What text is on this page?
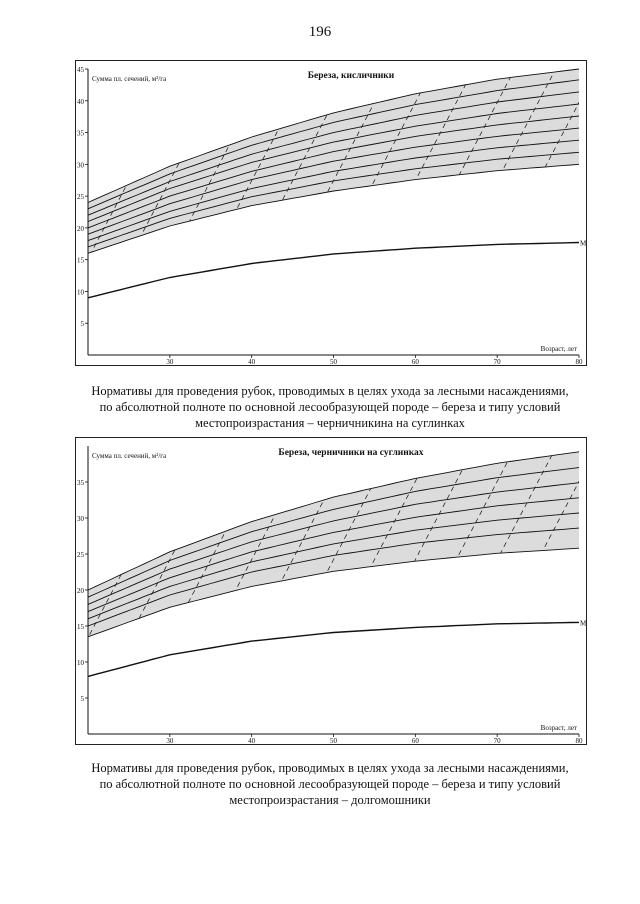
196
5
10
15
20
25
30
35
40
45
30	40	50	60	70	80
M
Береза, кисличники
Сумма пл. сечений, м²/га
Возраст, лет
Нормативы для проведения рубок, проводимых в целях ухода за лесными насаждениями,
по абсолютной полноте по основной лесообразующей породе – береза и типу условий
местопроизрастания – черничникина на суглинках
5
10
15
20
25
30
35
30	40	50	60	70	80
M
Береза, черничники на суглинках
Сумма пл. сечений, м²/га
Возраст, лет
Нормативы для проведения рубок, проводимых в целях ухода за лесными насаждениями,
по абсолютной полноте по основной лесообразующей породе – береза и типу условий
местопроизрастания – долгомошники
